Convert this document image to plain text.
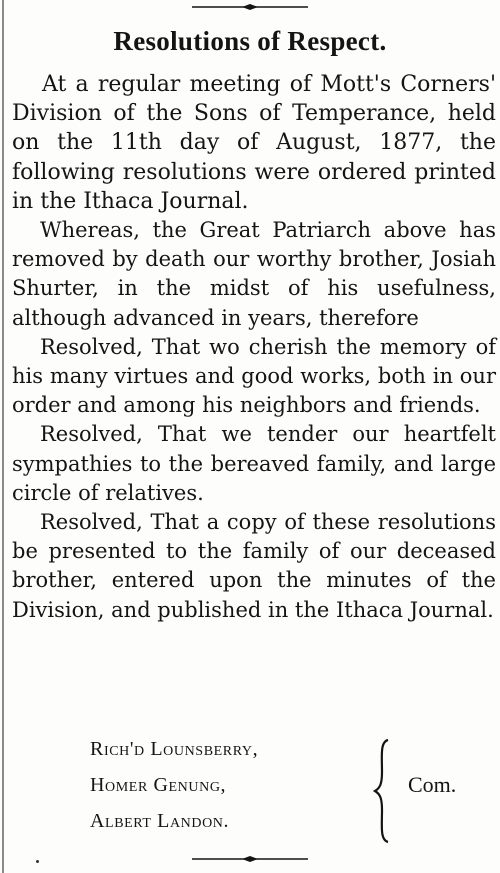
Resolutions of Respect.

At a regular meeting of Mott's Corners' Division of the Sons of Temperance, held on the 11th day of August, 1877, the following resolutions were ordered printed in the Ithaca Journal.

Whereas, the Great Patriarch above has removed by death our worthy brother, Josiah Shurter, in the midst of his usefulness, although advanced in years, therefore

Resolved, That wo cherish the memory of his many virtues and good works, both in our order and among his neighbors and friends.

Resolved, That we tender our heartfelt sympathies to the bereaved family, and large circle of relatives.

Resolved, That a copy of these resolutions be presented to the family of our deceased brother, entered upon the minutes of the Division, and published in the Ithaca Journal.

Rich'd Lounsberry,
Homer Genung,
Albert Landon.
Com.
